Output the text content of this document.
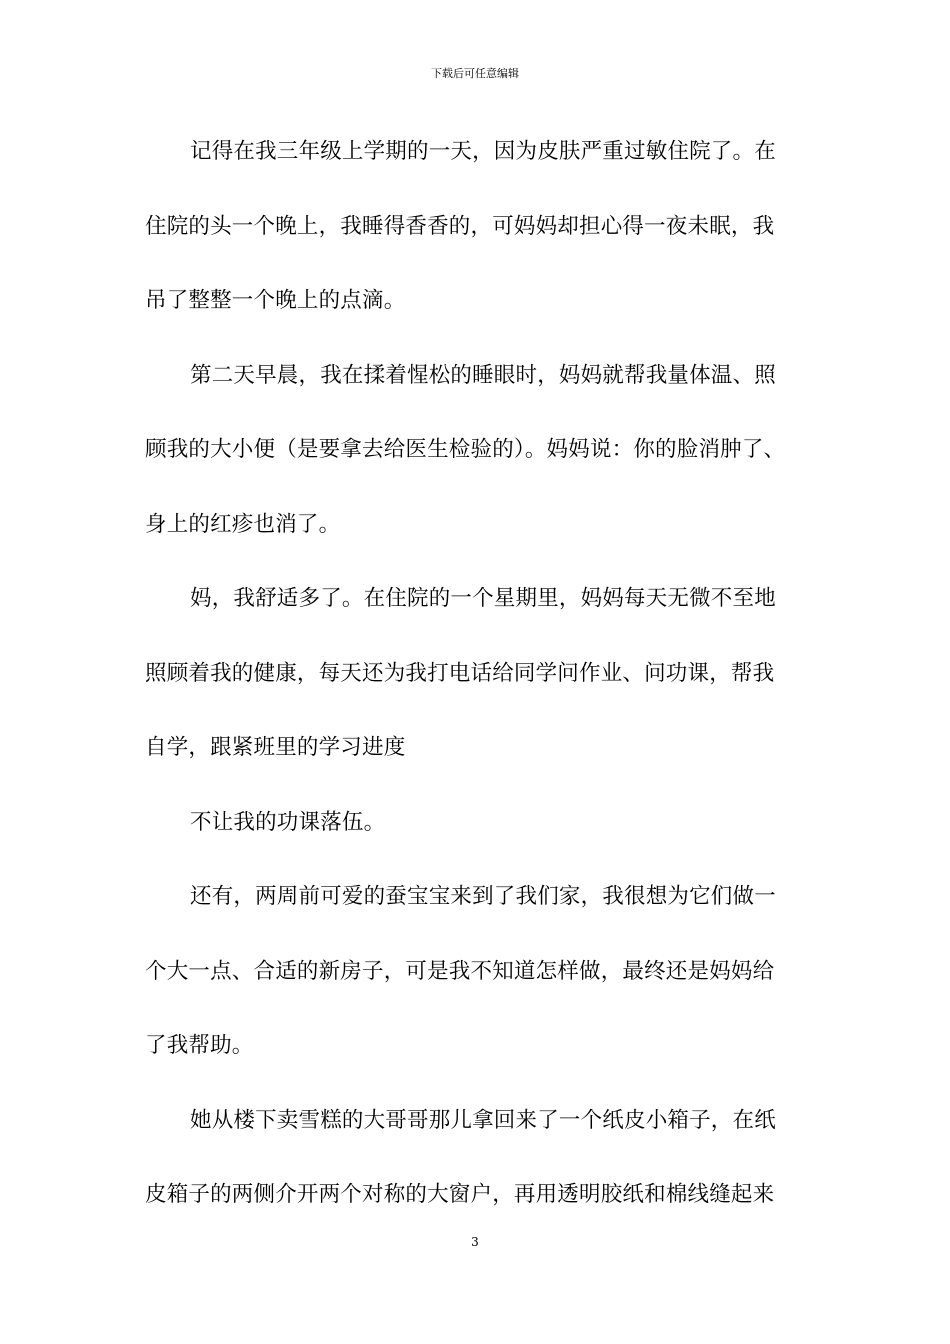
下载后可任意编辑
记得在我三年级上学期的一天，因为皮肤严重过敏住院了。在
住院的头一个晚上，我睡得香香的，可妈妈却担心得一夜未眠，我
吊了整整一个晚上的点滴。
第二天早晨，我在揉着惺松的睡眼时，妈妈就帮我量体温、照
顾我的大小便（是要拿去给医生检验的）。妈妈说：你的脸消肿了、
身上的红疹也消了。
妈，我舒适多了。在住院的一个星期里，妈妈每天无微不至地
照顾着我的健康，每天还为我打电话给同学问作业、问功课，帮我
自学，跟紧班里的学习进度
不让我的功课落伍。
还有，两周前可爱的蚕宝宝来到了我们家，我很想为它们做一
个大一点、合适的新房子，可是我不知道怎样做，最终还是妈妈给
了我帮助。
她从楼下卖雪糕的大哥哥那儿拿回来了一个纸皮小箱子，在纸
皮箱子的两侧介开两个对称的大窗户，再用透明胶纸和棉线缝起来
3
